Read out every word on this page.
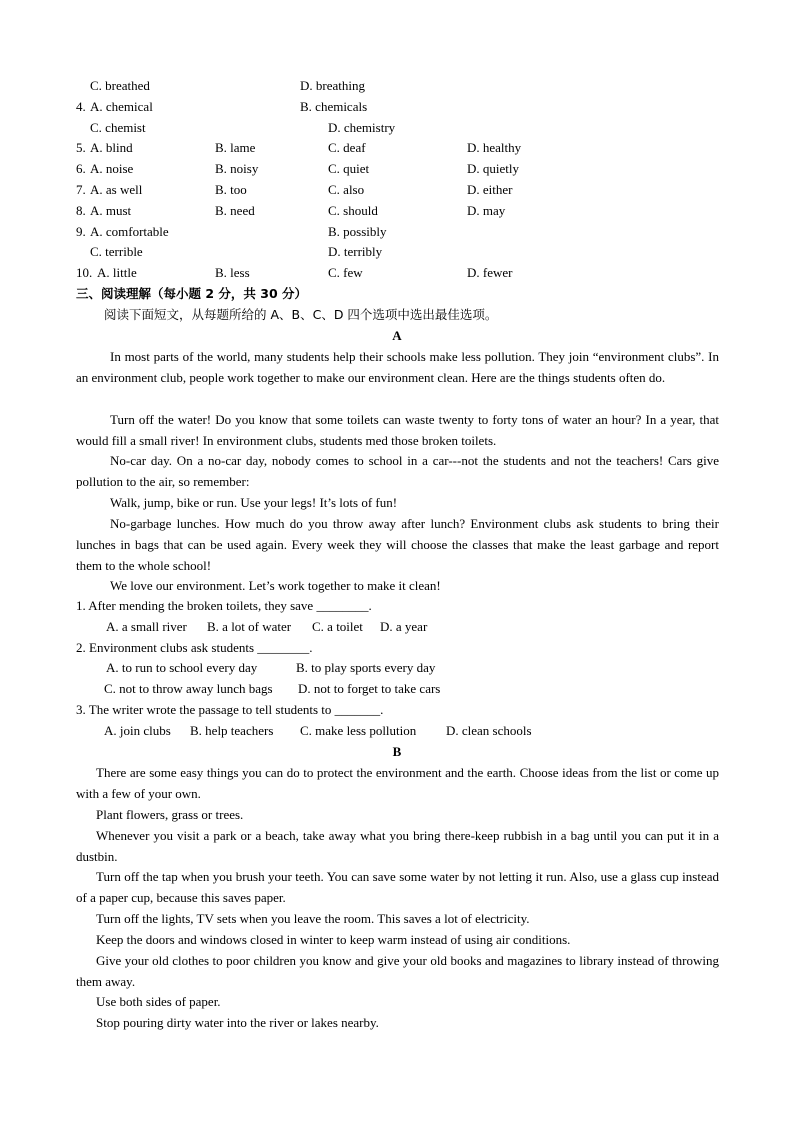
C. breathed	D. breathing
4. A. chemical	B. chemicals
C. chemist	D. chemistry
5. A. blind	B. lame	C. deaf	D. healthy
6. A. noise	B. noisy	C. quiet	D. quietly
7. A. as well	B. too	C. also	D. either
8. A. must	B. need	C. should	D. may
9. A. comfortable	B. possibly
C. terrible	D. terribly
10. A. little	B. less	C. few	D. fewer
三、阅读理解（每小题 2 分，共 30 分）
阅读下面短文，从每题所给的 A、B、C、D 四个选项中选出最佳选项。
A
In most parts of the world, many students help their schools make less pollution. They join “environment clubs”. In an environment club, people work together to make our environment clean. Here are the things students often do.
Turn off the water! Do you know that some toilets can waste twenty to forty tons of water an hour? In a year, that would fill a small river! In environment clubs, students med those broken toilets.
No-car day. On a no-car day, nobody comes to school in a car---not the students and not the teachers! Cars give pollution to the air, so remember:
Walk, jump, bike or run. Use your legs! It’s lots of fun!
No-garbage lunches. How much do you throw away after lunch? Environment clubs ask students to bring their lunches in bags that can be used again. Every week they will choose the classes that make the least garbage and report them to the whole school!
We love our environment. Let’s work together to make it clean!
1. After mending the broken toilets, they save ________.
A. a small river B. a lot of water C. a toilet D. a year
2. Environment clubs ask students ________.
A. to run to school every day	B. to play sports every day
C. not to throw away lunch bags D. not to forget to take cars
3. The writer wrote the passage to tell students to _______.
A. join clubs B. help teachers C. make less pollution D. clean schools
B
There are some easy things you can do to protect the environment and the earth. Choose ideas from the list or come up with a few of your own.
Plant flowers, grass or trees.
Whenever you visit a park or a beach, take away what you bring there-keep rubbish in a bag until you can put it in a dustbin.
Turn off the tap when you brush your teeth. You can save some water by not letting it run. Also, use a glass cup instead of a paper cup, because this saves paper.
Turn off the lights, TV sets when you leave the room. This saves a lot of electricity.
Keep the doors and windows closed in winter to keep warm instead of using air conditions.
Give your old clothes to poor children you know and give your old books and magazines to library instead of throwing them away.
Use both sides of paper.
Stop pouring dirty water into the river or lakes nearby.
